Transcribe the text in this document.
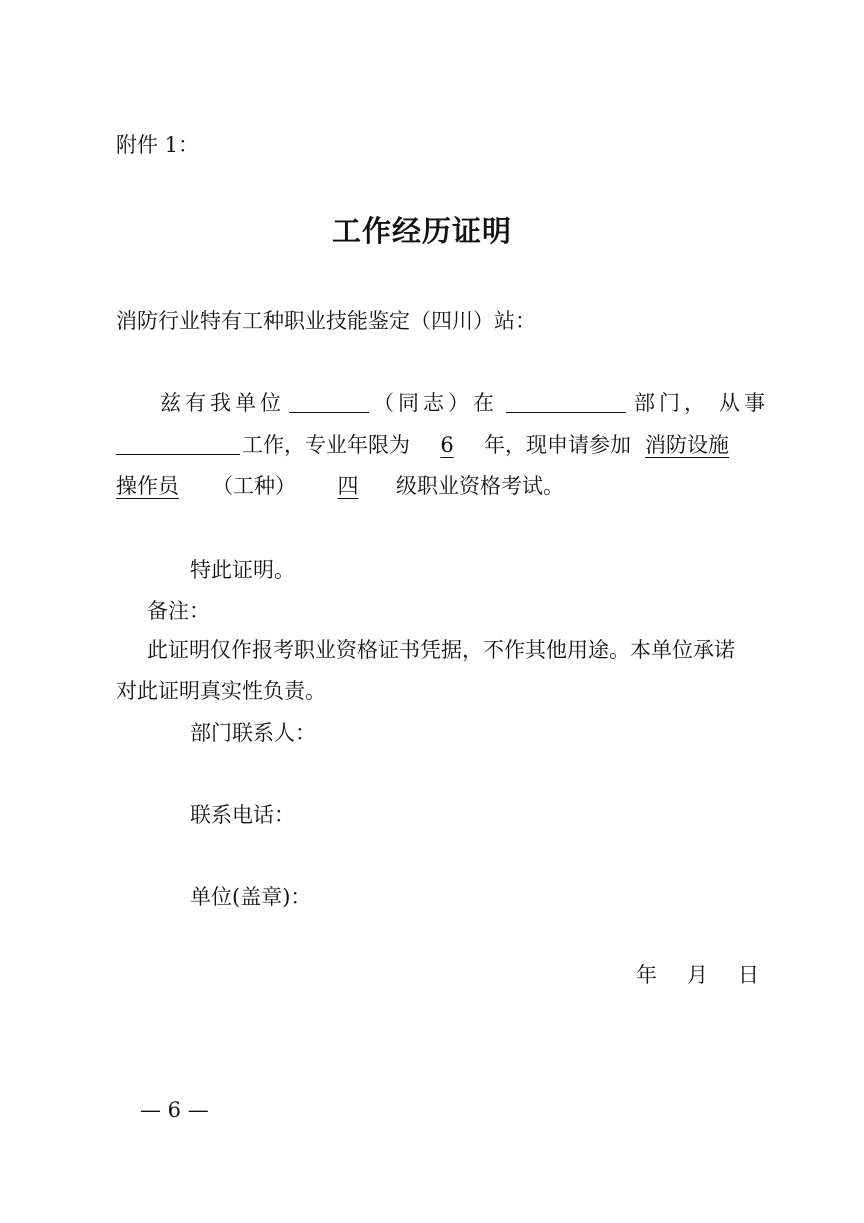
附件 1：
工作经历证明
消防行业特有工种职业技能鉴定（四川）站：
兹有我单位	（同志）在	部门， 从事
工作，专业年限为 6 年，现申请参加 消防设施
操作员 （工种） 四 级职业资格考试。
特此证明。
备注：
此证明仅作报考职业资格证书凭据，不作其他用途。本单位承诺
对此证明真实性负责。
部门联系人：
联系电话：
单位(盖章)：
年 月 日
— 6 —
